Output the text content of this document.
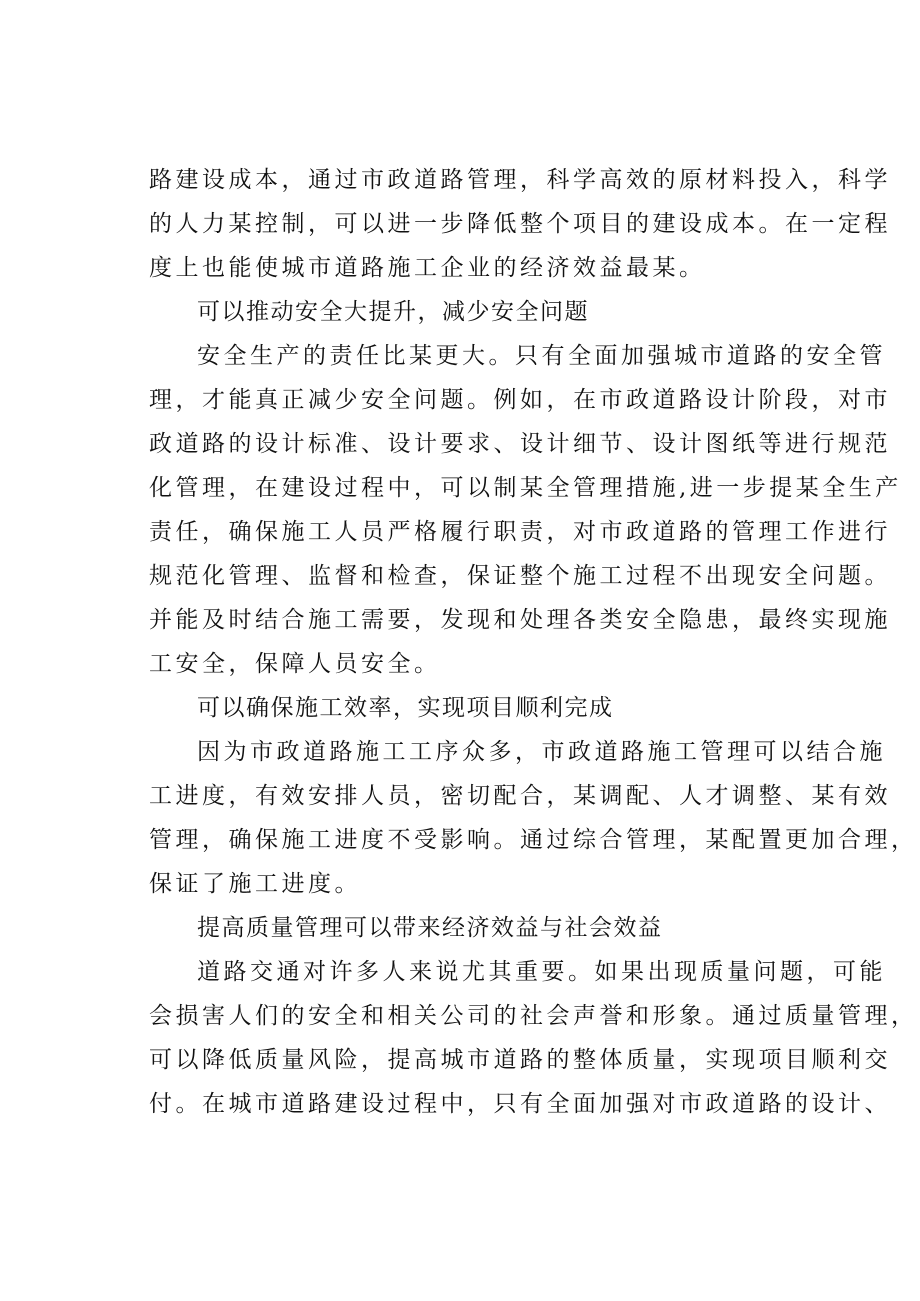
路建设成本，通过市政道路管理，科学高效的原材料投入，科学
的人力某控制，可以进一步降低整个项目的建设成本。在一定程
度上也能使城市道路施工企业的经济效益最某。
可以推动安全大提升，减少安全问题
安全生产的责任比某更大。只有全面加强城市道路的安全管
理，才能真正减少安全问题。例如，在市政道路设计阶段，对市
政道路的设计标准、设计要求、设计细节、设计图纸等进行规范
化管理，在建设过程中，可以制某全管理措施,进一步提某全生产
责任，确保施工人员严格履行职责，对市政道路的管理工作进行
规范化管理、监督和检查，保证整个施工过程不出现安全问题。
并能及时结合施工需要，发现和处理各类安全隐患，最终实现施
工安全，保障人员安全。
可以确保施工效率，实现项目顺利完成
因为市政道路施工工序众多，市政道路施工管理可以结合施
工进度，有效安排人员，密切配合，某调配、人才调整、某有效
管理，确保施工进度不受影响。通过综合管理，某配置更加合理，
保证了施工进度。
提高质量管理可以带来经济效益与社会效益
道路交通对许多人来说尤其重要。如果出现质量问题，可能
会损害人们的安全和相关公司的社会声誉和形象。通过质量管理，
可以降低质量风险，提高城市道路的整体质量，实现项目顺利交
付。在城市道路建设过程中，只有全面加强对市政道路的设计、
